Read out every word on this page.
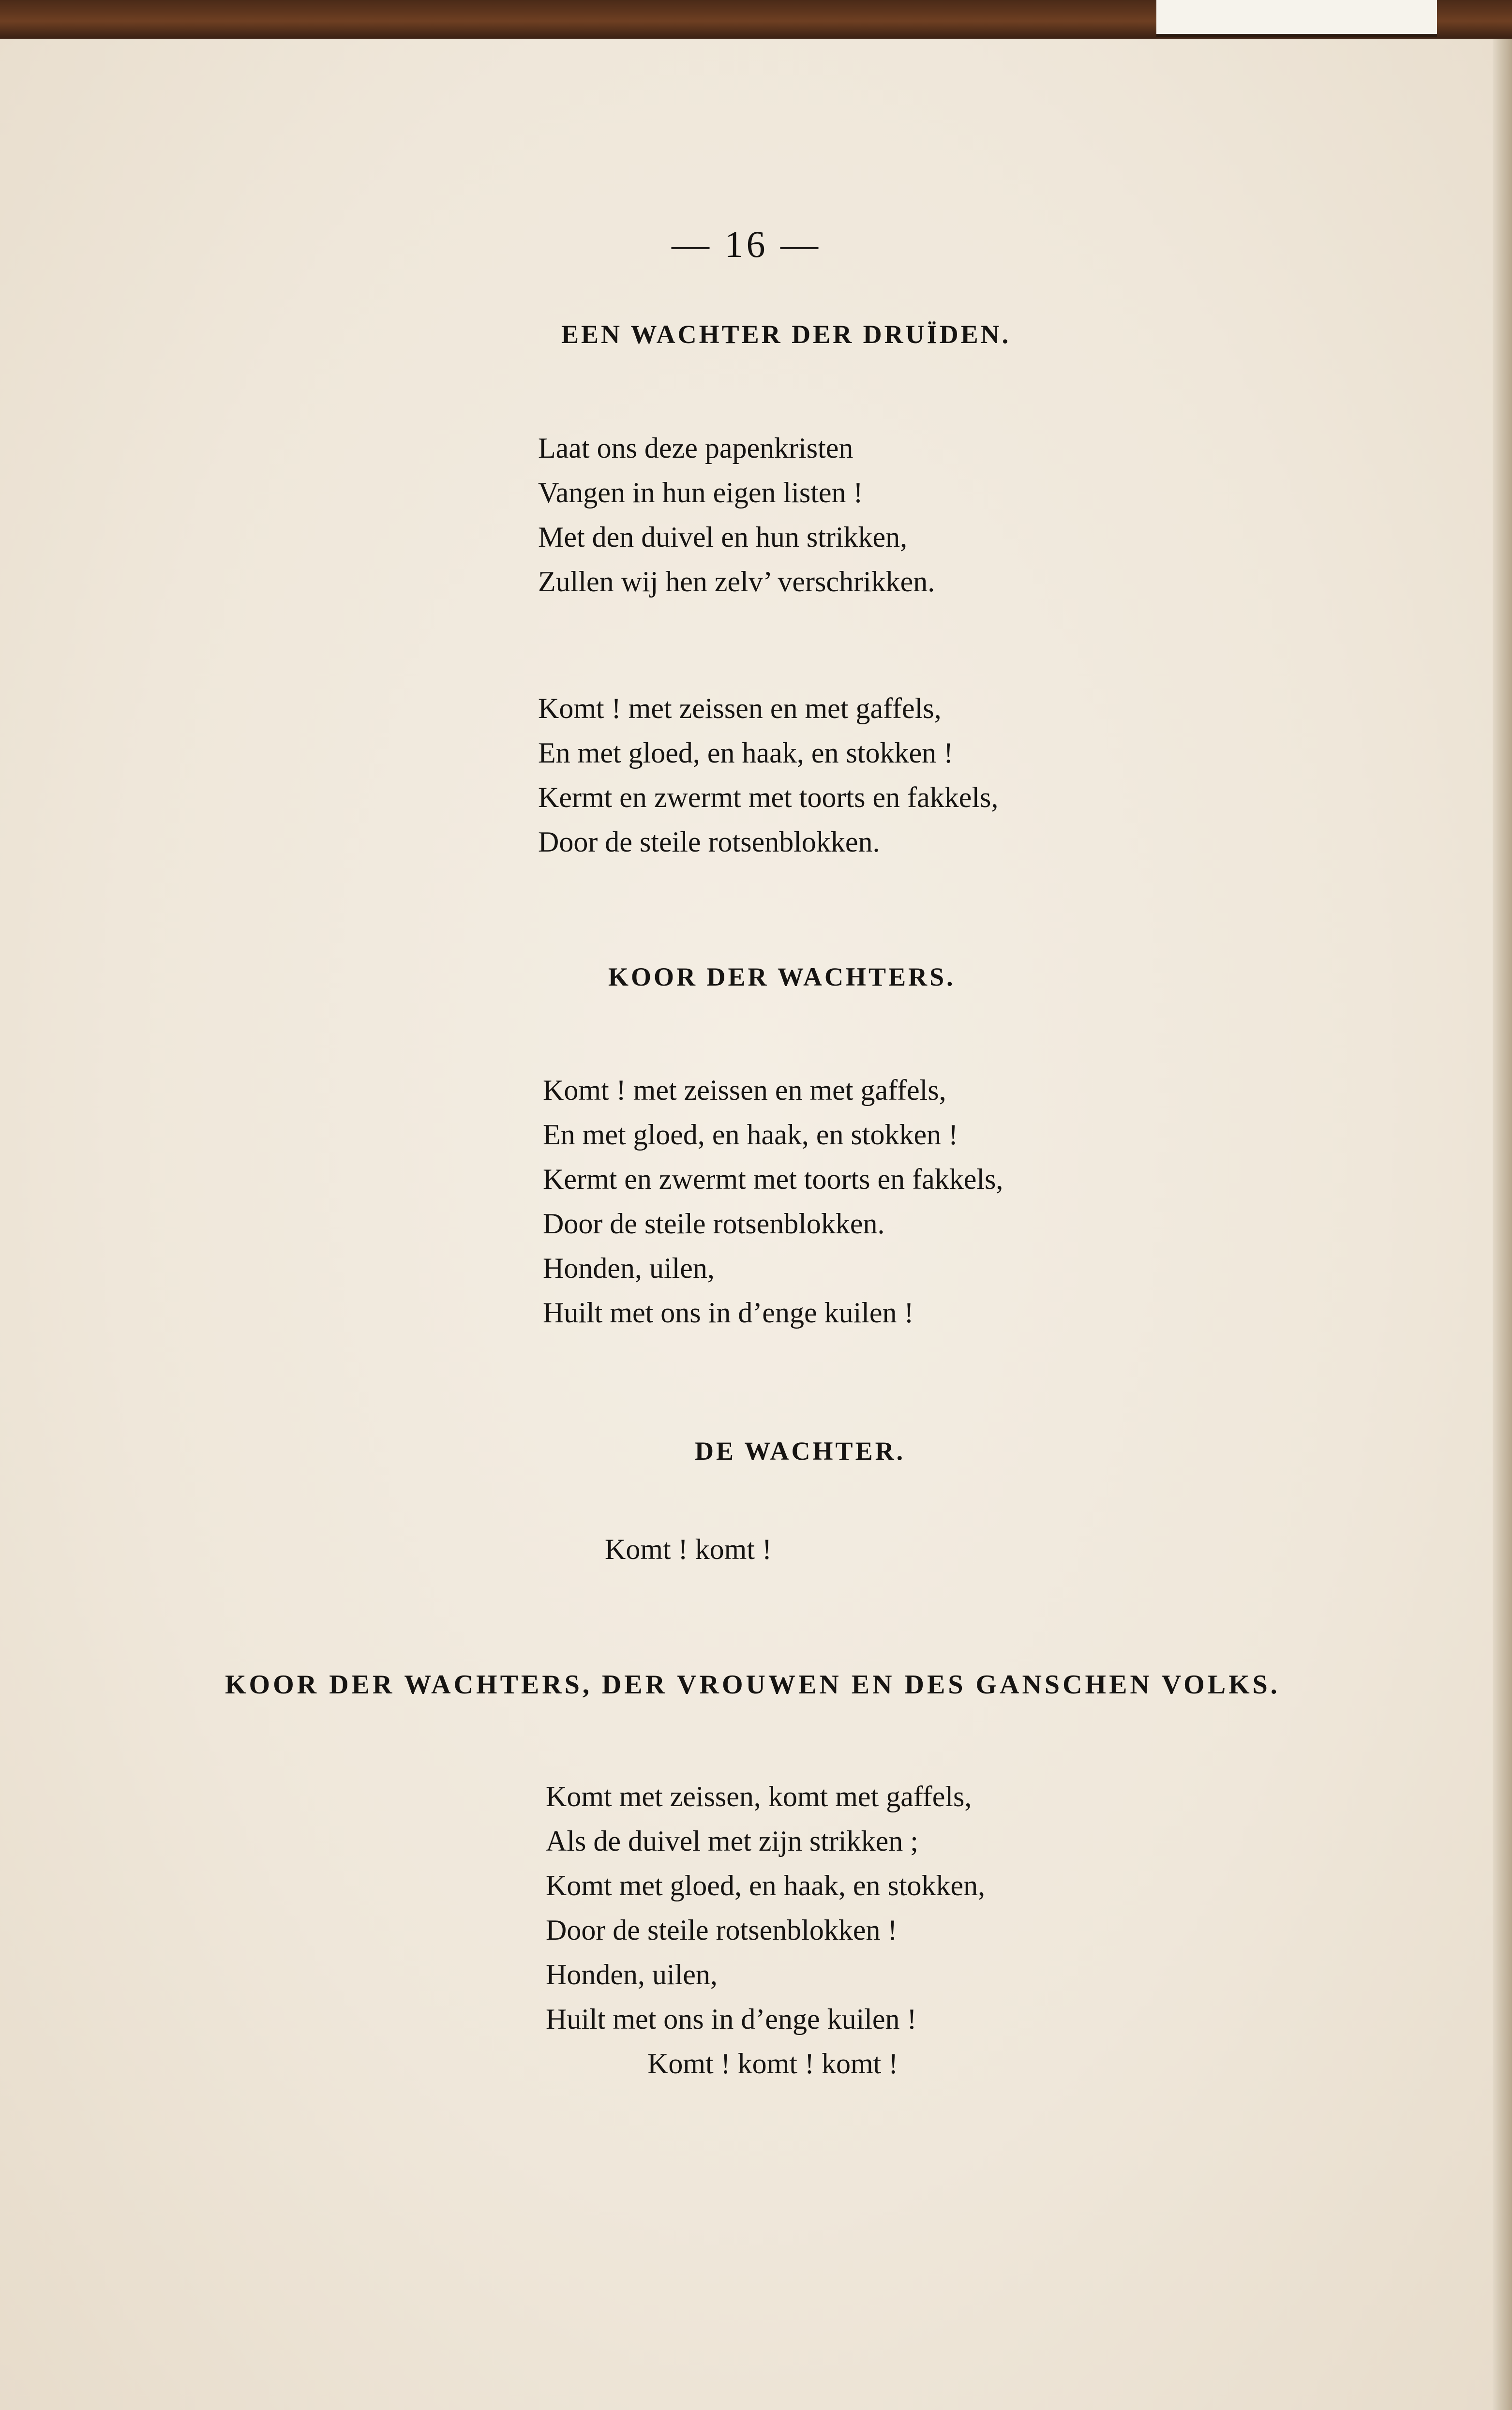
— 16 —
EEN WACHTER DER DRUÏDEN.
Laat ons deze papenkristen
Vangen in hun eigen listen !
Met den duivel en hun strikken,
Zullen wij hen zelv’ verschrikken.
Komt ! met zeissen en met gaffels,
En met gloed, en haak, en stokken !
Kermt en zwermt met toorts en fakkels,
Door de steile rotsenblokken.
KOOR DER WACHTERS.
Komt ! met zeissen en met gaffels,
En met gloed, en haak, en stokken !
Kermt en zwermt met toorts en fakkels,
Door de steile rotsenblokken.
Honden, uilen,
Huilt met ons in d’enge kuilen !
DE WACHTER.
Komt ! komt !
KOOR DER WACHTERS, DER VROUWEN EN DES GANSCHEN VOLKS.
Komt met zeissen, komt met gaffels,
Als de duivel met zijn strikken ;
Komt met gloed, en haak, en stokken,
Door de steile rotsenblokken !
Honden, uilen,
Huilt met ons in d’enge kuilen !
Komt ! komt ! komt !
